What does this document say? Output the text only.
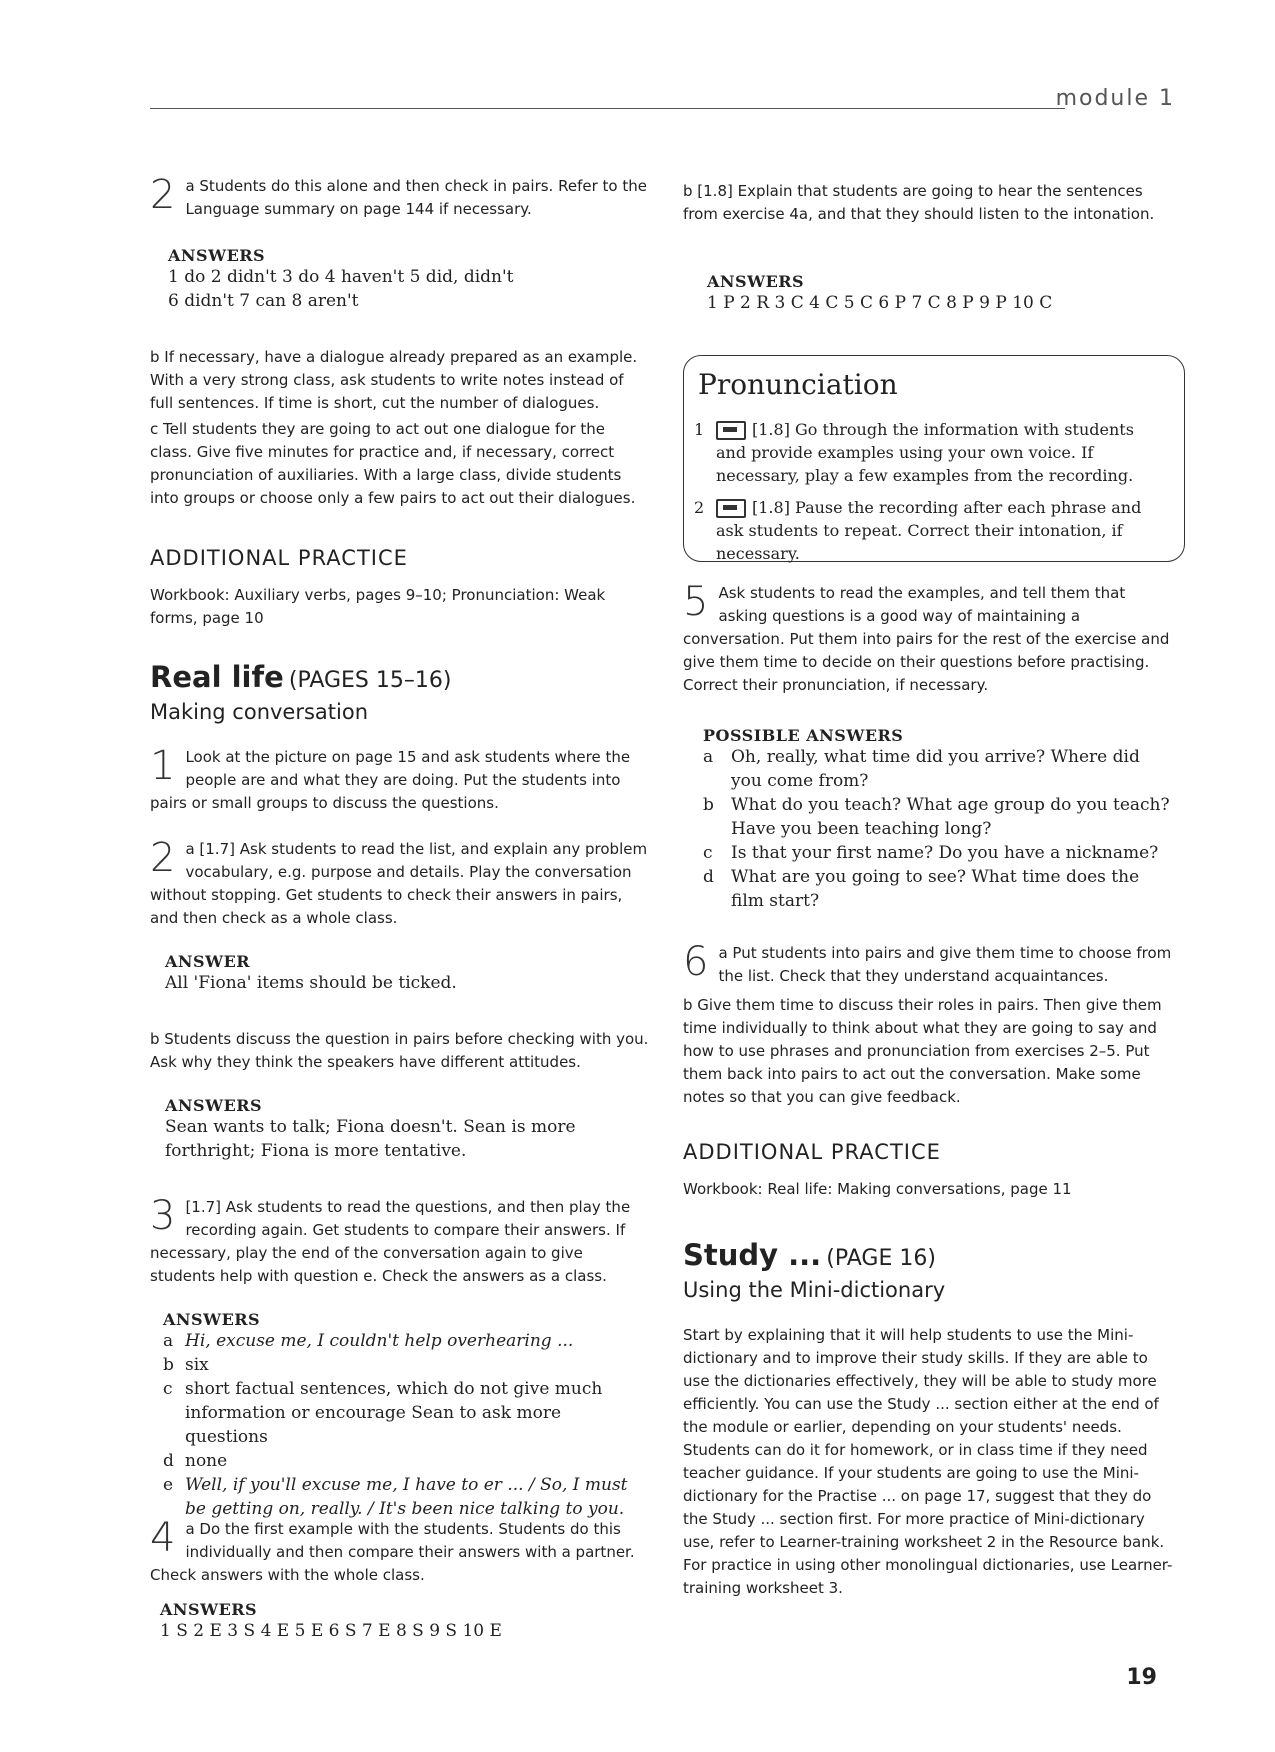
module 1
2 a Students do this alone and then check in pairs. Refer to the Language summary on page 144 if necessary.

ANSWERS
1 do 2 didn't 3 do 4 haven't 5 did, didn't
6 didn't 7 can 8 aren't

b If necessary, have a dialogue already prepared as an example. With a very strong class, ask students to write notes instead of full sentences. If time is short, cut the number of dialogues.

c Tell students they are going to act out one dialogue for the class. Give five minutes for practice and, if necessary, correct pronunciation of auxiliaries. With a large class, divide students into groups or choose only a few pairs to act out their dialogues.

ADDITIONAL PRACTICE

Workbook: Auxiliary verbs, pages 9–10; Pronunciation: Weak forms, page 10

Real life (PAGES 15–16)
Making conversation
1 Look at the picture on page 15 and ask students where the people are and what they are doing. Put the students into pairs or small groups to discuss the questions.

2 a [1.7] Ask students to read the list, and explain any problem vocabulary, e.g. purpose and details. Play the conversation without stopping. Get students to check their answers in pairs, and then check as a whole class.

ANSWER
All 'Fiona' items should be ticked.

b Students discuss the question in pairs before checking with you. Ask why they think the speakers have different attitudes.

ANSWERS
Sean wants to talk; Fiona doesn't. Sean is more forthright; Fiona is more tentative.
3 [1.7] Ask students to read the questions, and then play the recording again. Get students to compare their answers. If necessary, play the end of the conversation again to give students help with question e. Check the answers as a class.

ANSWERS
a Hi, excuse me, I couldn't help overhearing ...
b six
c short factual sentences, which do not give much information or encourage Sean to ask more questions
d none
e Well, if you'll excuse me, I have to er ... / So, I must be getting on, really. / It's been nice talking to you.
4 a Do the first example with the students. Students do this individually and then compare their answers with a partner. Check answers with the whole class.

ANSWERS
1 S 2 E 3 S 4 E 5 E 6 S 7 E 8 S 9 S 10 E

b [1.8] Explain that students are going to hear the sentences from exercise 4a, and that they should listen to the intonation.

ANSWERS
1 P 2 R 3 C 4 C 5 C 6 P 7 C 8 P 9 P 10 C
Pronunciation
1	[1.8] Go through the information with students and provide examples using your own voice. If necessary, play a few examples from the recording.
2	[1.8] Pause the recording after each phrase and ask students to repeat. Correct their intonation, if necessary.
5 Ask students to read the examples, and tell them that asking questions is a good way of maintaining a conversation. Put them into pairs for the rest of the exercise and give them time to decide on their questions before practising. Correct their pronunciation, if necessary.

POSSIBLE ANSWERS
a	Oh, really, what time did you arrive? Where did you come from?
b	What do you teach? What age group do you teach? Have you been teaching long?
c	Is that your first name? Do you have a nickname?
d	What are you going to see? What time does the film start?
6 a Put students into pairs and give them time to choose from the list. Check that they understand acquaintances.

b Give them time to discuss their roles in pairs. Then give them time individually to think about what they are going to say and how to use phrases and pronunciation from exercises 2–5. Put them back into pairs to act out the conversation. Make some notes so that you can give feedback.

ADDITIONAL PRACTICE

Workbook: Real life: Making conversations, page 11

Study ... (PAGE 16)
Using the Mini-dictionary

Start by explaining that it will help students to use the Mini-dictionary and to improve their study skills. If they are able to use the dictionaries effectively, they will be able to study more efficiently. You can use the Study ... section either at the end of the module or earlier, depending on your students' needs. Students can do it for homework, or in class time if they need teacher guidance. If your students are going to use the Mini-dictionary for the Practise ... on page 17, suggest that they do the Study ... section first. For more practice of Mini-dictionary use, refer to Learner-training worksheet 2 in the Resource bank. For practice in using other monolingual dictionaries, use Learner-training worksheet 3.

19
